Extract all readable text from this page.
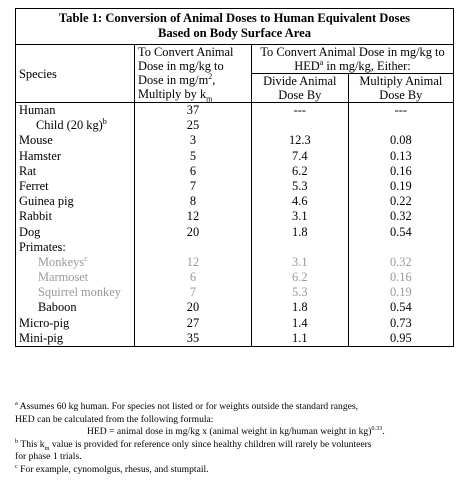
Table 1: Conversion of Animal Doses to Human Equivalent Doses
Based on Body Surface Area			
Species	To Convert Animal Dose in mg/kg to Dose in $mg/m^2$, Multiply by $k_m$	To Convert Animal Dose in mg/kg to HED$^a$ in mg/kg, Either:	
		Divide Animal Dose By	Multiply Animal Dose By
Human	37	---	---
Child (20 kg)$^b$	25		
Mouse	3	12.3	0.08
Hamster	5	7.4	0.13
Rat	6	6.2	0.16
Ferret	7	5.3	0.19
Guinea pig	8	4.6	0.22
Rabbit	12	3.1	0.32
Dog	20	1.8	0.54
Primates:			
Monkeys$^c$	12	3.1	0.32
Marmoset	6	6.2	0.16
Squirrel monkey	7	5.3	0.19
Baboon	20	1.8	0.54
Micro-pig	27	1.4	0.73
Mini-pig	35	1.1	0.95

$^a$ Assumes 60 kg human. For species not listed or for weights outside the standard ranges,

HED can be calculated from the following formula:

HED = animal dose in mg/kg x (animal weight in kg/human weight in kg)$^{0.33}$.

$^b$ This $k_m$ value is provided for reference only since healthy children will rarely be volunteers

for phase 1 trials.

$^c$ For example, cynomolgus, rhesus, and stumptail.
